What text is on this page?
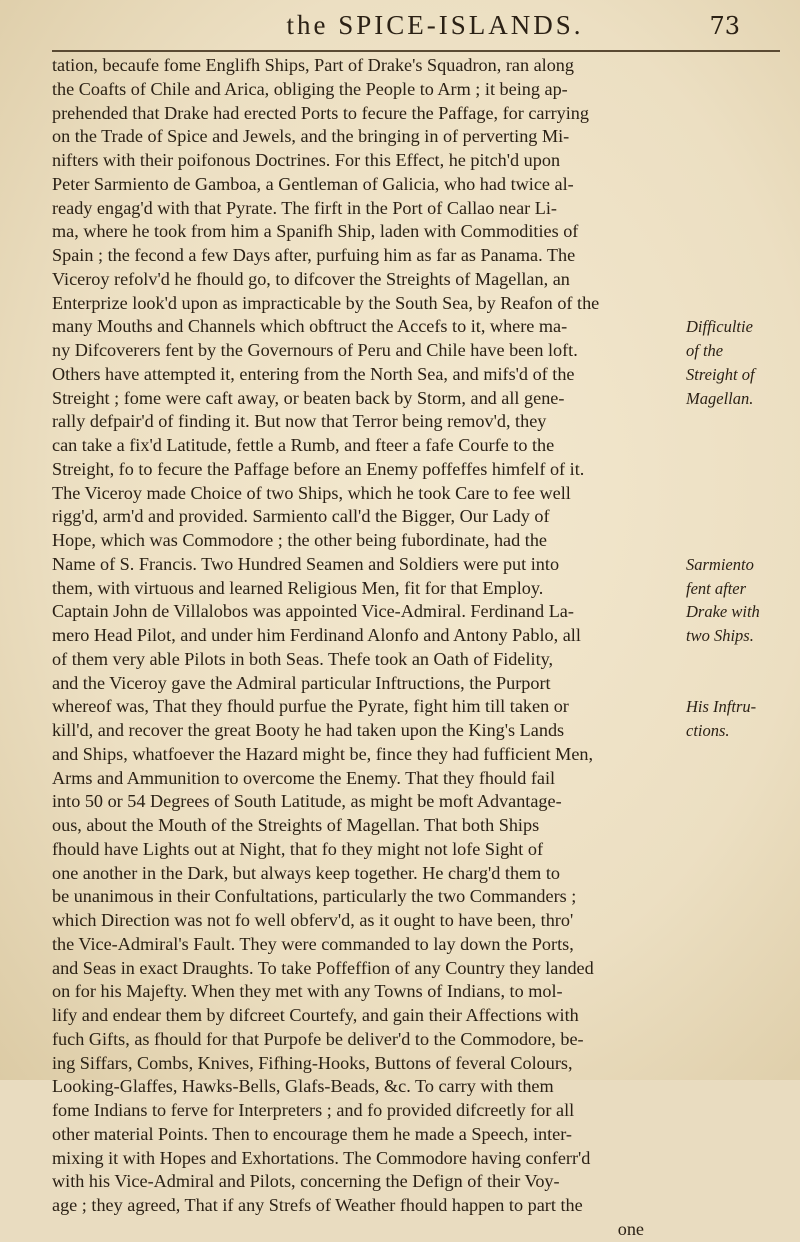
the SPICE-ISLANDS.	73
tation, becaufe fome Englifh Ships, Part of Drake's Squadron, ran along
the Coafts of Chile and Arica, obliging the People to Arm ; it being ap-
prehended that Drake had erected Ports to fecure the Paffage, for carrying
on the Trade of Spice and Jewels, and the bringing in of perverting Mi-
nifters with their poifonous Doctrines. For this Effect, he pitch'd upon
Peter Sarmiento de Gamboa, a Gentleman of Galicia, who had twice al-
ready engag'd with that Pyrate. The firft in the Port of Callao near Li-
ma, where he took from him a Spanifh Ship, laden with Commodities of
Spain ; the fecond a few Days after, purfuing him as far as Panama. The
Viceroy refolv'd he fhould go, to difcover the Streights of Magellan, an
Enterprize look'd upon as impracticable by the South Sea, by Reafon of the
many Mouths and Channels which obftruct the Accefs to it, where ma-
ny Difcoverers fent by the Governours of Peru and Chile have been loft.
Others have attempted it, entering from the North Sea, and mifs'd of the
Streight ; fome were caft away, or beaten back by Storm, and all gene-
rally defpair'd of finding it. But now that Terror being remov'd, they
can take a fix'd Latitude, fettle a Rumb, and fteer a fafe Courfe to the
Streight, fo to fecure the Paffage before an Enemy poffeffes himfelf of it.
The Viceroy made Choice of two Ships, which he took Care to fee well
rigg'd, arm'd and provided. Sarmiento call'd the Bigger, Our Lady of
Hope, which was Commodore ; the other being fubordinate, had the
Name of S. Francis. Two Hundred Seamen and Soldiers were put into
them, with virtuous and learned Religious Men, fit for that Employ.
Captain John de Villalobos was appointed Vice-Admiral. Ferdinand La-
mero Head Pilot, and under him Ferdinand Alonfo and Antony Pablo, all
of them very able Pilots in both Seas. Thefe took an Oath of Fidelity,
and the Viceroy gave the Admiral particular Inftructions, the Purport
whereof was, That they fhould purfue the Pyrate, fight him till taken or
kill'd, and recover the great Booty he had taken upon the King's Lands
and Ships, whatfoever the Hazard might be, fince they had fufficient Men,
Arms and Ammunition to overcome the Enemy. That they fhould fail
into 50 or 54 Degrees of South Latitude, as might be moft Advantage-
ous, about the Mouth of the Streights of Magellan. That both Ships
fhould have Lights out at Night, that fo they might not lofe Sight of
one another in the Dark, but always keep together. He charg'd them to
be unanimous in their Confultations, particularly the two Commanders ;
which Direction was not fo well obferv'd, as it ought to have been, thro'
the Vice-Admiral's Fault. They were commanded to lay down the Ports,
and Seas in exact Draughts. To take Poffeffion of any Country they landed
on for his Majefty. When they met with any Towns of Indians, to mol-
lify and endear them by difcreet Courtefy, and gain their Affections with
fuch Gifts, as fhould for that Purpofe be deliver'd to the Commodore, be-
ing Siffars, Combs, Knives, Fifhing-Hooks, Buttons of feveral Colours,
Looking-Glaffes, Hawks-Bells, Glafs-Beads, &c. To carry with them
fome Indians to ferve for Interpreters ; and fo provided difcreetly for all
other material Points. Then to encourage them he made a Speech, inter-
mixing it with Hopes and Exhortations. The Commodore having conferr'd
with his Vice-Admiral and Pilots, concerning the Defign of their Voy-
age ; they agreed, That if any Strefs of Weather fhould happen to part the
one
Difficultie
of the
Streight of
Magellan.
Sarmiento
fent after
Drake with
two Ships.
His Inftru-
ctions.
